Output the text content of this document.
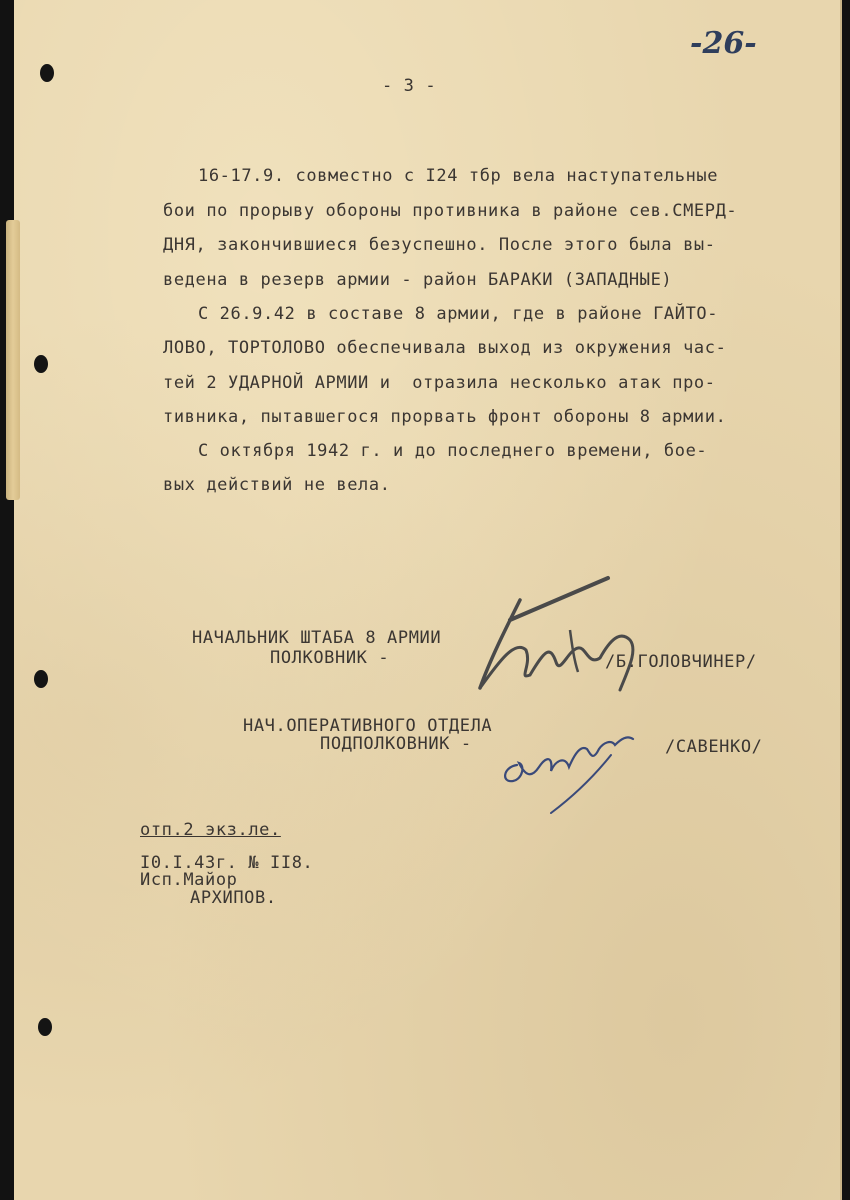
-26-
- 3 -
16-17.9. совместно с I24 тбр вела наступательные
бои по прорыву обороны противника в районе сев.СМЕРД-
ДНЯ, закончившиеся безуспешно. После этого была вы-
ведена в резерв армии - район БАРАКИ (ЗАПАДНЫЕ)
С 26.9.42 в составе 8 армии, где в районе ГАЙТО-
ЛОВО, ТОРТОЛОВО обеспечивала выход из окружения час-
тей 2 УДАРНОЙ АРМИИ и  отразила несколько атак про-
тивника, пытавшегося прорвать фронт обороны 8 армии.
С октября 1942 г. и до последнего времени, боe-
вых действий не вела.
НАЧАЛЬНИК ШТАБА 8 АРМИИ
ПОЛКОВНИК -	/Б.ГОЛОВЧИНЕР/
НАЧ.ОПЕРАТИВНОГО ОТДЕЛА
ПОДПОЛКОВНИК -	/САВЕНКО/
отп.2 экз.ле.
I0.I.43г. № II8.
Исп.Майор
АРХИПОВ.
